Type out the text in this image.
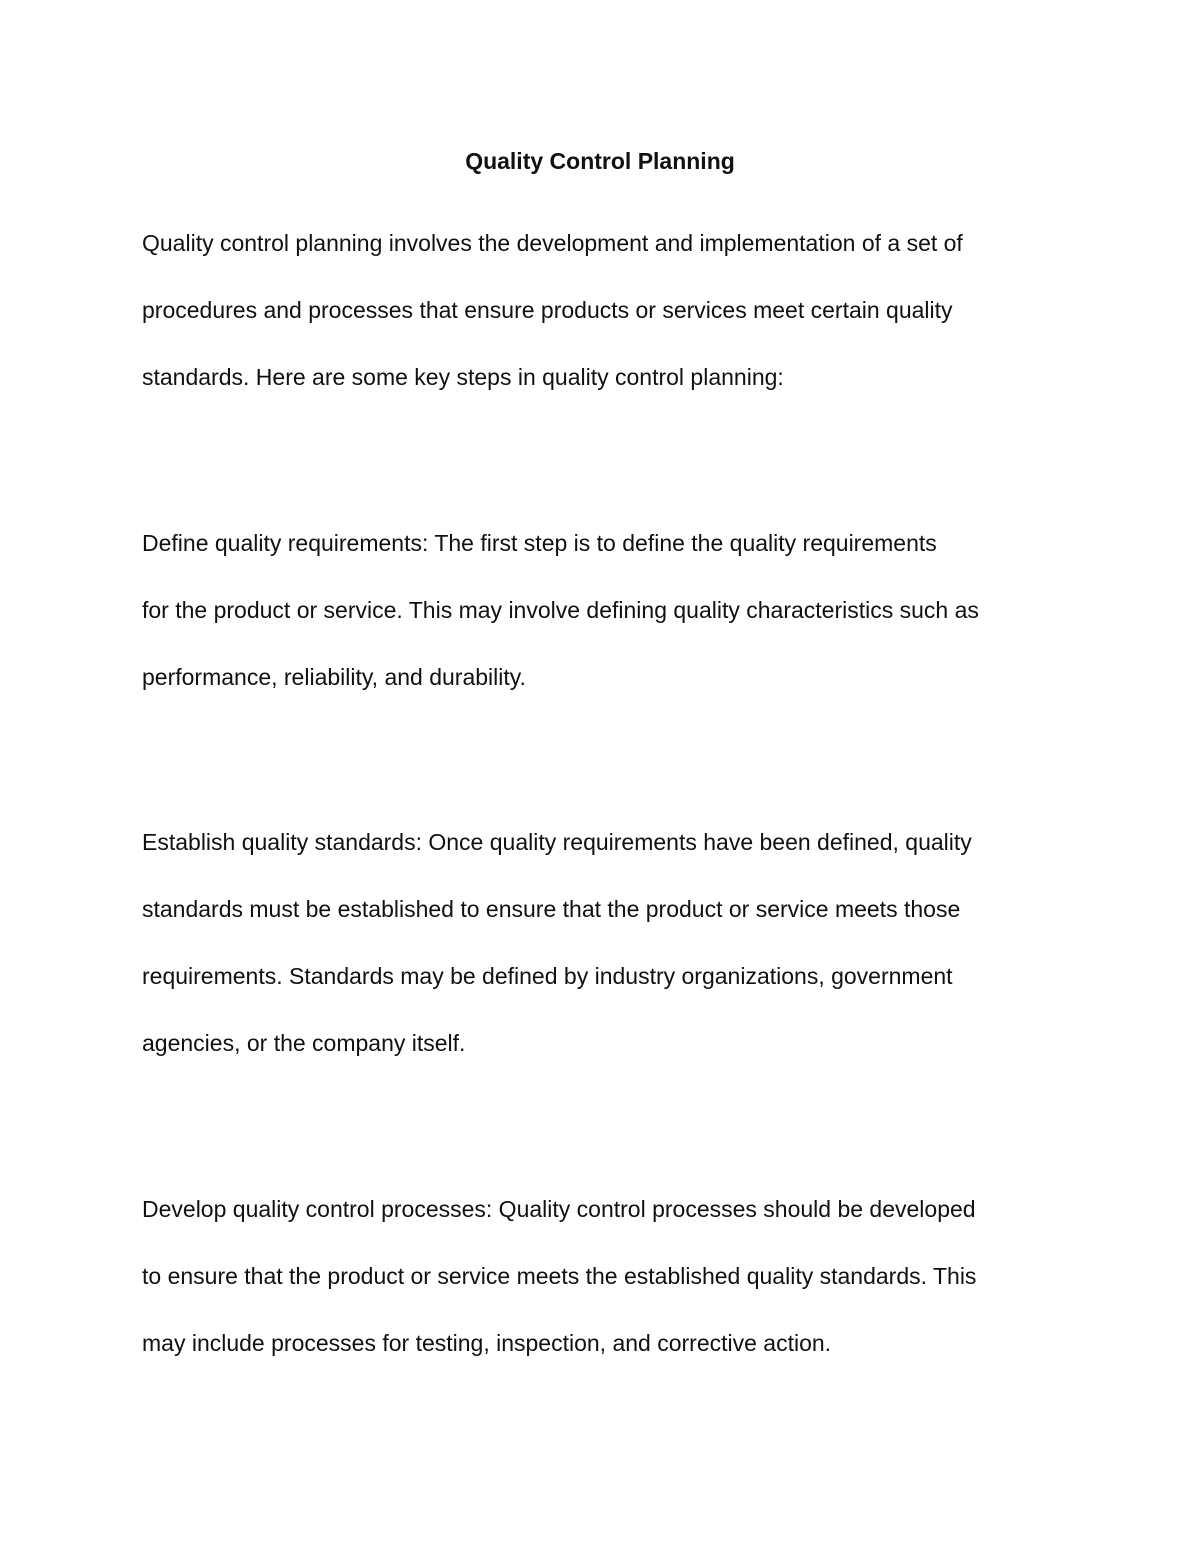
Quality Control Planning

Quality control planning involves the development and implementation of a set of
procedures and processes that ensure products or services meet certain quality
standards. Here are some key steps in quality control planning:

Define quality requirements: The first step is to define the quality requirements
for the product or service. This may involve defining quality characteristics such as
performance, reliability, and durability.

Establish quality standards: Once quality requirements have been defined, quality
standards must be established to ensure that the product or service meets those
requirements. Standards may be defined by industry organizations, government
agencies, or the company itself.

Develop quality control processes: Quality control processes should be developed
to ensure that the product or service meets the established quality standards. This
may include processes for testing, inspection, and corrective action.
